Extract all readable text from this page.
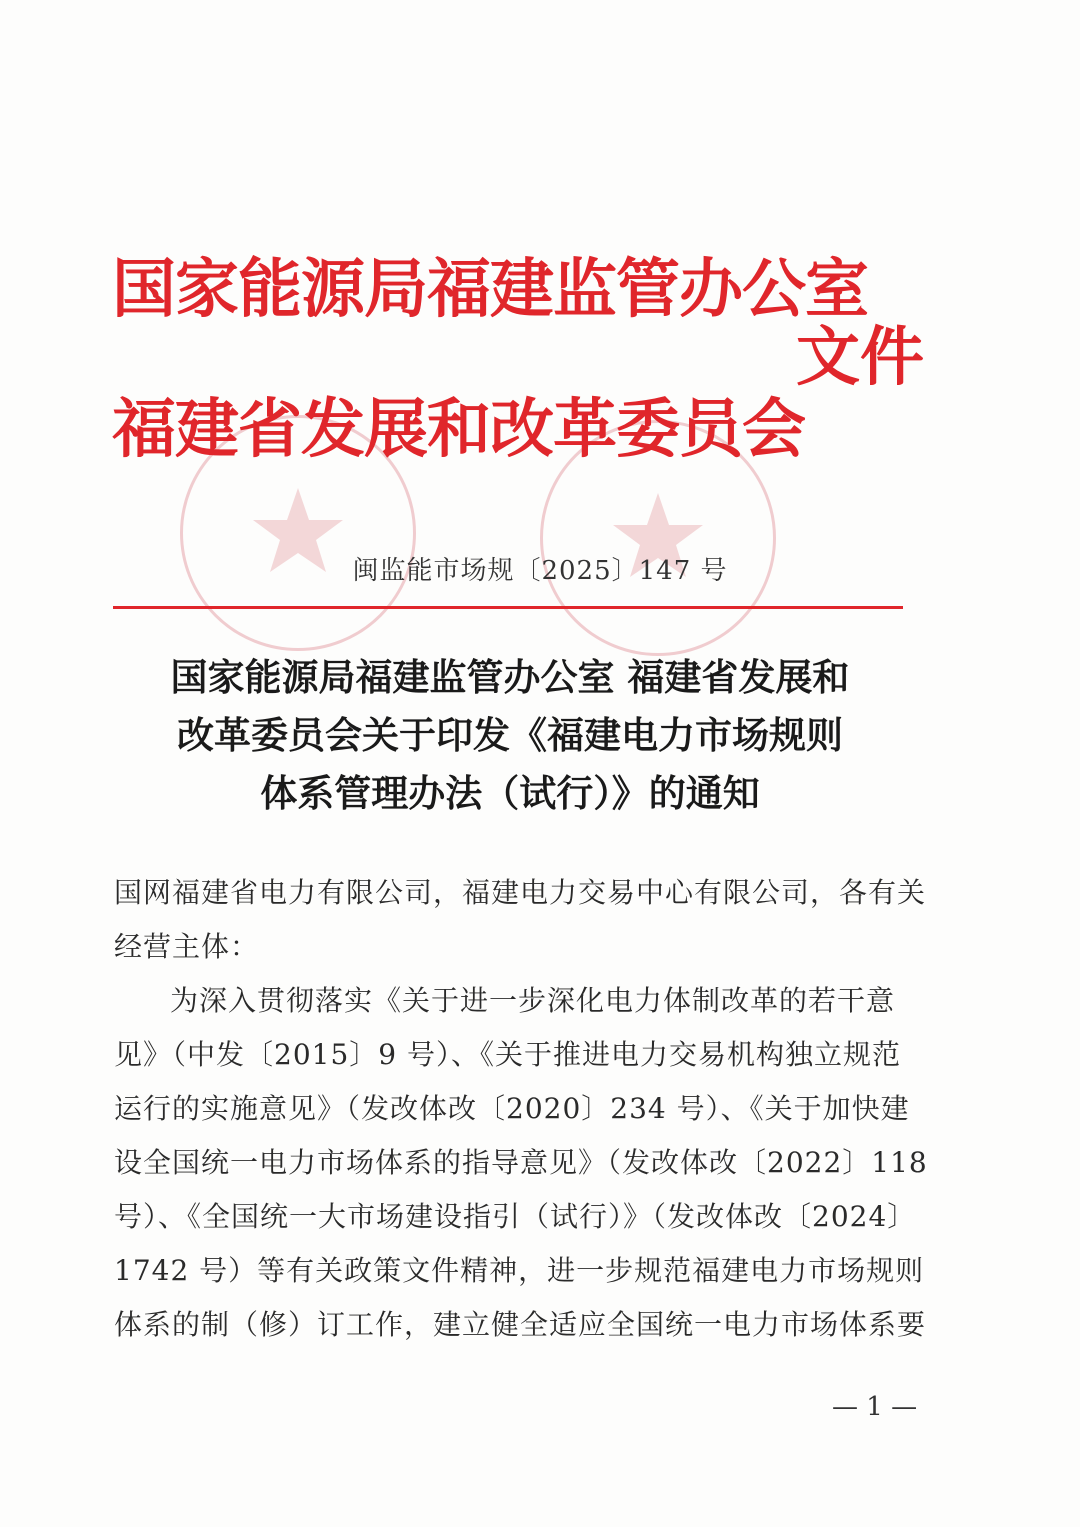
国家能源局福建监管办公室
福建省发展和改革委员会
文件
闽监能市场规〔2025〕147 号
国家能源局福建监管办公室 福建省发展和
改革委员会关于印发《福建电力市场规则
体系管理办法（试行）》的通知
国网福建省电力有限公司，福建电力交易中心有限公司，各有关
经营主体：
为深入贯彻落实《关于进一步深化电力体制改革的若干意
见》（中发〔2015〕9 号）、《关于推进电力交易机构独立规范
运行的实施意见》（发改体改〔2020〕234 号）、《关于加快建
设全国统一电力市场体系的指导意见》（发改体改〔2022〕118
号）、《全国统一大市场建设指引（试行）》（发改体改〔2024〕
1742 号）等有关政策文件精神，进一步规范福建电力市场规则
体系的制（修）订工作，建立健全适应全国统一电力市场体系要
— 1 —
